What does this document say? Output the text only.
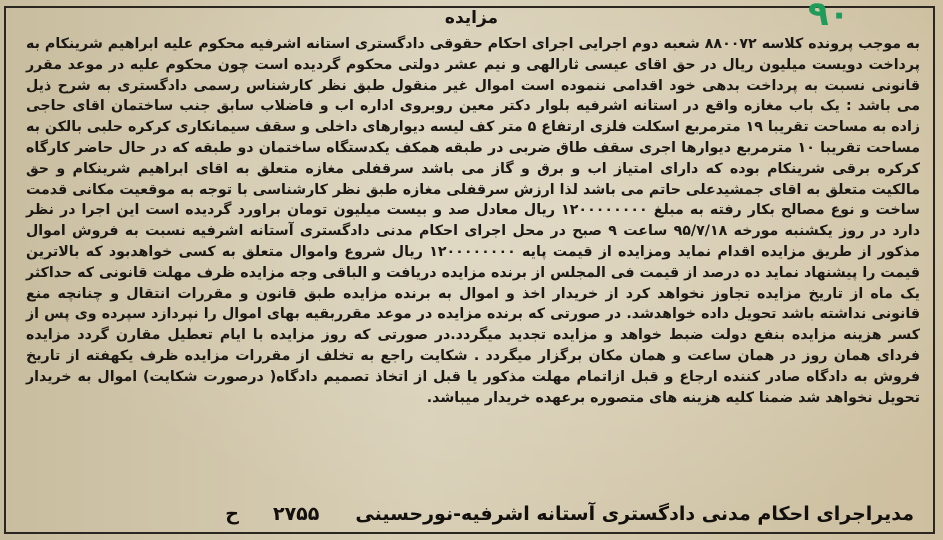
۹۰
مزایده

به موجب پرونده کلاسه ۸۸۰۰۷۲ شعبه دوم اجرایی اجرای احکام حقوقی دادگستری استانه اشرفیه محکوم علیه ابراهیم شرینکام به پرداخت دویست میلیون ریال در حق اقای عیسی ثارالهی و نیم عشر دولتی محکوم گردیده است چون محکوم علیه در موعد مقرر قانونی نسبت به پرداخت بدهی خود اقدامی ننموده است اموال غیر منقول طبق نظر کارشناس رسمی دادگستری به شرح ذیل می باشد : یک باب مغازه واقع در استانه اشرفیه بلوار دکتر معین روبروی اداره اب و فاضلاب سابق جنب ساختمان اقای حاجی زاده به مساحت تقریبا ۱۹ مترمربع اسکلت فلزی ارتفاع ۵ متر کف لیسه دیوارهای داخلی و سقف سیمانکاری کرکره حلبی بالکن به مساحت تقریبا ۱۰ مترمربع دیوارها اجری سقف طاق ضربی در طبقه همکف یکدستگاه ساختمان دو طبقه که در حال حاضر کارگاه کرکره برقی شرینکام بوده که دارای امتیاز اب و برق و گاز می باشد سرقفلی مغازه متعلق به اقای ابراهیم شرینکام و حق مالکیت متعلق به اقای جمشیدعلی حاتم می باشد لذا ارزش سرقفلی مغازه طبق نظر کارشناسی با توجه به موقعیت مکانی قدمت ساخت و نوع مصالح بکار رفته به مبلغ ۱۲۰۰۰۰۰۰۰۰ ریال معادل صد و بیست میلیون تومان براورد گردیده است این اجرا در نظر دارد در روز یکشنبه مورخه ۹۵/۷/۱۸ ساعت ۹ صبح در محل اجرای احکام مدنی دادگستری آستانه اشرفیه نسبت به فروش اموال مذکور از طریق مزایده اقدام نماید ومزایده از قیمت پایه ۱۲۰۰۰۰۰۰۰۰ ریال شروع واموال متعلق به کسی خواهدبود که بالاترین قیمت را پیشنهاد نماید ده درصد از قیمت فی المجلس از برنده مزایده دریافت و الباقی وجه مزایده ظرف مهلت قانونی که حداکثر یک ماه از تاریخ مزایده تجاوز نخواهد کرد از خریدار اخذ و اموال به برنده مزایده طبق قانون و مقررات انتقال و چنانچه منع قانونی نداشته باشد تحویل داده خواهدشد. در صورتی که برنده مزایده در موعد مقرربقیه بهای اموال را نپردازد سپرده وی پس از کسر هزینه مزایده بنفع دولت ضبط خواهد و مزایده تجدید میگردد.در صورتی که روز مزایده با ایام تعطیل مقارن گردد مزایده فردای همان روز در همان ساعت و همان مکان برگزار میگردد . شکایت راجع به تخلف از مقررات مزایده ظرف یکهفته از تاریخ فروش به دادگاه صادر کننده ارجاع و قبل ازاتمام مهلت مذکور یا قبل از اتخاذ تصمیم دادگاه( درصورت شکایت) اموال به خریدار تحویل نخواهد شد ضمنا کلیه هزینه های متصوره برعهده خریدار میباشد.

مدیراجرای احکام مدنی دادگستری آستانه اشرفیه-نورحسینی
۲۷۵۵
ح
